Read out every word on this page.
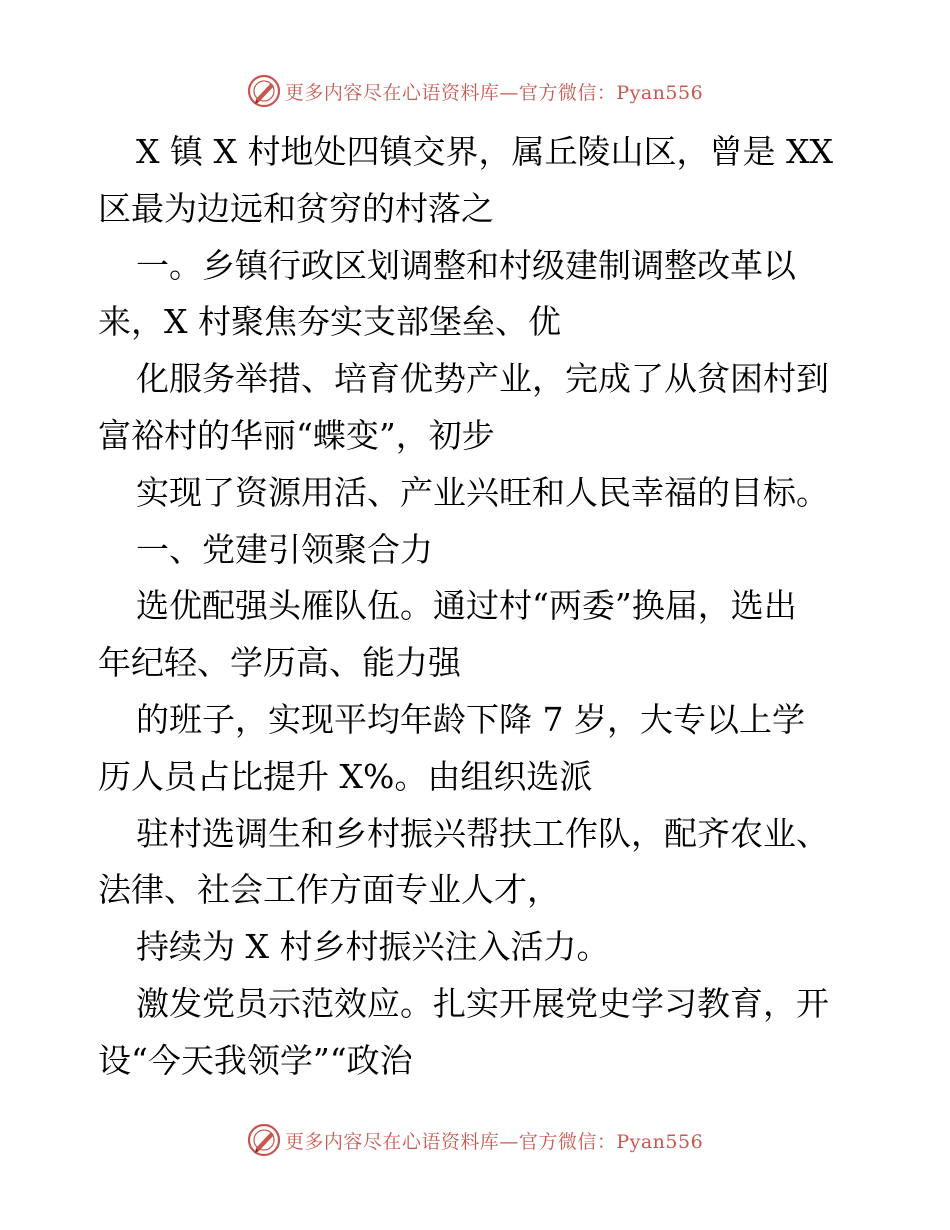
更多内容尽在心语资料库—官方微信：Pyan556
X 镇 X 村地处四镇交界，属丘陵山区，曾是 XX
区最为边远和贫穷的村落之
一。乡镇行政区划调整和村级建制调整改革以
来，X 村聚焦夯实支部堡垒、优
化服务举措、培育优势产业，完成了从贫困村到
富裕村的华丽“蝶变”，初步
实现了资源用活、产业兴旺和人民幸福的目标。
一、党建引领聚合力
选优配强头雁队伍。通过村“两委”换届，选出
年纪轻、学历高、能力强
的班子，实现平均年龄下降 7 岁，大专以上学
历人员占比提升 X%。由组织选派
驻村选调生和乡村振兴帮扶工作队，配齐农业、
法律、社会工作方面专业人才，
持续为 X 村乡村振兴注入活力。
激发党员示范效应。扎实开展党史学习教育，开
设“今天我领学”“政治
更多内容尽在心语资料库—官方微信：Pyan556
